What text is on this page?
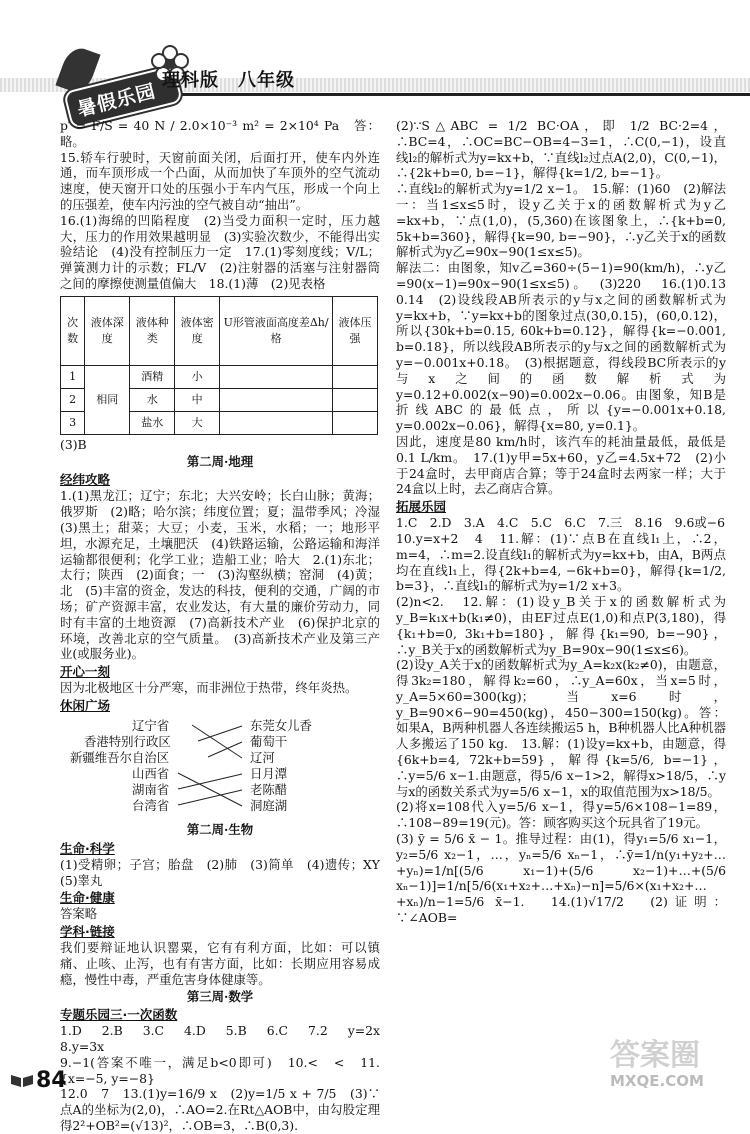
暑假乐园 理科版　八年级

p′ = F/S = 40 N / 2.0×10⁻³ m² = 2×10⁴ Pa　答：略。

15.轿车行驶时，天窗前面关闭，后面打开，使车内外连通，而车顶形成一个凸面，从而加快了车顶外的空气流动速度，使天窗开口处的压强小于车内气压，形成一个向上的压强差，使车内污浊的空气被自动“抽出”。

16.(1)海绵的凹陷程度　(2)当受力面积一定时，压力越大，压力的作用效果越明显　(3)实验次数少，不能得出实验结论　(4)没有控制压力一定　17.(1)零刻度线；V/L；弹簧测力计的示数；FL/V　(2)注射器的活塞与注射器筒之间的摩擦使测量值偏大　18.(1)薄　(2)见表格

次数	液体深度	液体种类	液体密度	U形管液面高度差Δh/格	液体压强
1	相同	酒精	小		
2		水	中		
3		盐水	大		

(3)B

第二周·地理
经纬攻略

1.(1)黑龙江；辽宁；东北；大兴安岭；长白山脉；黄海；俄罗斯　(2)略；哈尔滨；纬度位置；夏；温带季风；冷湿　(3)黑土；甜菜；大豆；小麦，玉米，水稻；一；地形平坦，水源充足，土壤肥沃　(4)铁路运输，公路运输和海洋运输都很便利；化学工业；造船工业；哈大　2.(1)东北；太行；陕西　(2)面食；一　(3)沟壑纵横；窑洞　(4)黄；北　(5)丰富的资金，发达的科技，便利的交通，广阔的市场；矿产资源丰富，农业发达，有大量的廉价劳动力，同时有丰富的土地资源　(7)高新技术产业　(6)保护北京的环境，改善北京的空气质量。　(3)高新技术产业及第三产业(或服务业)。

开心一刻

因为北极地区十分严寒，而非洲位于热带，终年炎热。

休闲广场
辽宁省
香港特别行政区
新疆维吾尔自治区
山西省
湖南省
台湾省
东莞女儿香
葡萄干
辽河
日月潭
老陈醋
洞庭湖
第二周·生物
生命·科学

(1)受精卵；子宫；胎盘　(2)肺　(3)简单　(4)遗传；XY　(5)睾丸

生命·健康

答案略

学科·链接

我们要辩证地认识罂粟，它有有利方面，比如：可以镇痛、止咳、止泻，也有有害方面，比如：长期应用容易成瘾，慢性中毒，严重危害身体健康等。

第三周·数学
专题乐园三·一次函数

1.D　2.B　3.C　4.D　5.B　6.C　7.2　y=2x　8.y=3x

9.−1(答案不唯一，满足b<0即可)　10.<　<　11.{x=−5, y=−8}

12.0　7　13.(1)y=16/9 x　(2)y=1/5 x + 7/5　(3)∵点A的坐标为(2,0)，∴AO=2.在Rt△AOB中，由勾股定理得2²+OB²=(√13)²，∴OB=3，∴B(0,3).

(2)∵S△ABC = 1/2 BC·OA，即 1/2 BC·2=4，∴BC=4，∴OC=BC−OB=4−3=1，∴C(0,−1)，设直线l₂的解析式为y=kx+b，∵直线l₂过点A(2,0)，C(0,−1)，∴{2k+b=0, b=−1}，解得{k=1/2, b=−1}。

∴直线l₂的解析式为y=1/2 x−1。　15.解：(1)60　(2)解法一：当1≤x≤5时，设y乙关于x的函数解析式为y乙=kx+b，∵点(1,0)，(5,360)在该图象上，∴{k+b=0, 5k+b=360}，解得{k=90, b=−90}，∴y乙关于x的函数解析式为y乙=90x−90(1≤x≤5)。

解法二：由图象，知v乙=360÷(5−1)=90(km/h)，∴y乙=90(x−1)=90x−90(1≤x≤5)。　(3)220　16.(1)0.13　0.14　(2)设线段AB所表示的y与x之间的函数解析式为y=kx+b，∵y=kx+b的图象过点(30,0.15)，(60,0.12)，所以{30k+b=0.15, 60k+b=0.12}，解得{k=−0.001, b=0.18}，所以线段AB所表示的y与x之间的函数解析式为y=−0.001x+0.18。　(3)根据题意，得线段BC所表示的y与x之间的函数解析式为y=0.12+0.002(x−90)=0.002x−0.06。由图象，知B是折线ABC的最低点，所以{y=−0.001x+0.18, y=0.002x−0.06}，解得{x=80, y=0.1}。

因此，速度是80 km/h时，该汽车的耗油量最低，最低是0.1 L/km。　17.(1)y甲=5x+60，y乙=4.5x+72　(2)小于24盒时，去甲商店合算；等于24盒时去两家一样；大于24盒以上时，去乙商店合算。

拓展乐园

1.C　2.D　3.A　4.C　5.C　6.C　7.三　8.16　9.6或−6

10.y=x+2　4　11.解：(1)∵点B在直线l₁上，∴2，m=4，∴m=2.设直线l₁的解析式为y=kx+b，由A，B两点均在直线l₁上，得{2k+b=4, −6k+b=0}，解得{k=1/2, b=3}，∴直线l₁的解析式为y=1/2 x+3。

(2)n<2.　12.解：(1)设y_B关于x的函数解析式为y_B=k₁x+b(k₁≠0)，由EF过点E(1,0)和点P(3,180)，得{k₁+b=0, 3k₁+b=180}，解得{k₁=90, b=−90}，∴y_B关于x的函数解析式为y_B=90x−90(1≤x≤6)。

(2)设y_A关于x的函数解析式为y_A=k₂x(k₂≠0)，由题意，得3k₂=180，解得k₂=60，∴y_A=60x，当x=5时，y_A=5×60=300(kg)；当x=6时，y_B=90×6−90=450(kg)，450−300=150(kg)。答：如果A，B两种机器人各连续搬运5 h，B种机器人比A种机器人多搬运了150 kg.　13.解：(1)设y=kx+b，由题意，得{6k+b=4, 72k+b=59}，解得{k=5/6, b=−1}，∴y=5/6 x−1.由题意，得5/6 x−1>2，解得x>18/5，∴y与x的函数关系式为y=5/6 x−1，x的取值范围为x>18/5。

(2)将x=108代入y=5/6 x−1，得y=5/6×108−1=89，∴108−89=19(元)。答：顾客购买这个玩具省了19元。

(3) ȳ = 5/6 x̄ − 1。推导过程：由(1)，得y₁=5/6 x₁−1，y₂=5/6 x₂−1，…，yₙ=5/6 xₙ−1，∴ȳ=1/n(y₁+y₂+…+yₙ)=1/n[(5/6 x₁−1)+(5/6 x₂−1)+…+(5/6 xₙ−1)]=1/n[5/6(x₁+x₂+…+xₙ)−n]=5/6×(x₁+x₂+…+xₙ)/n−1=5/6 x̄−1.　14.(1)√17/2　(2)证明：∵∠AOB=

84
答案圈
MXQE.COM
